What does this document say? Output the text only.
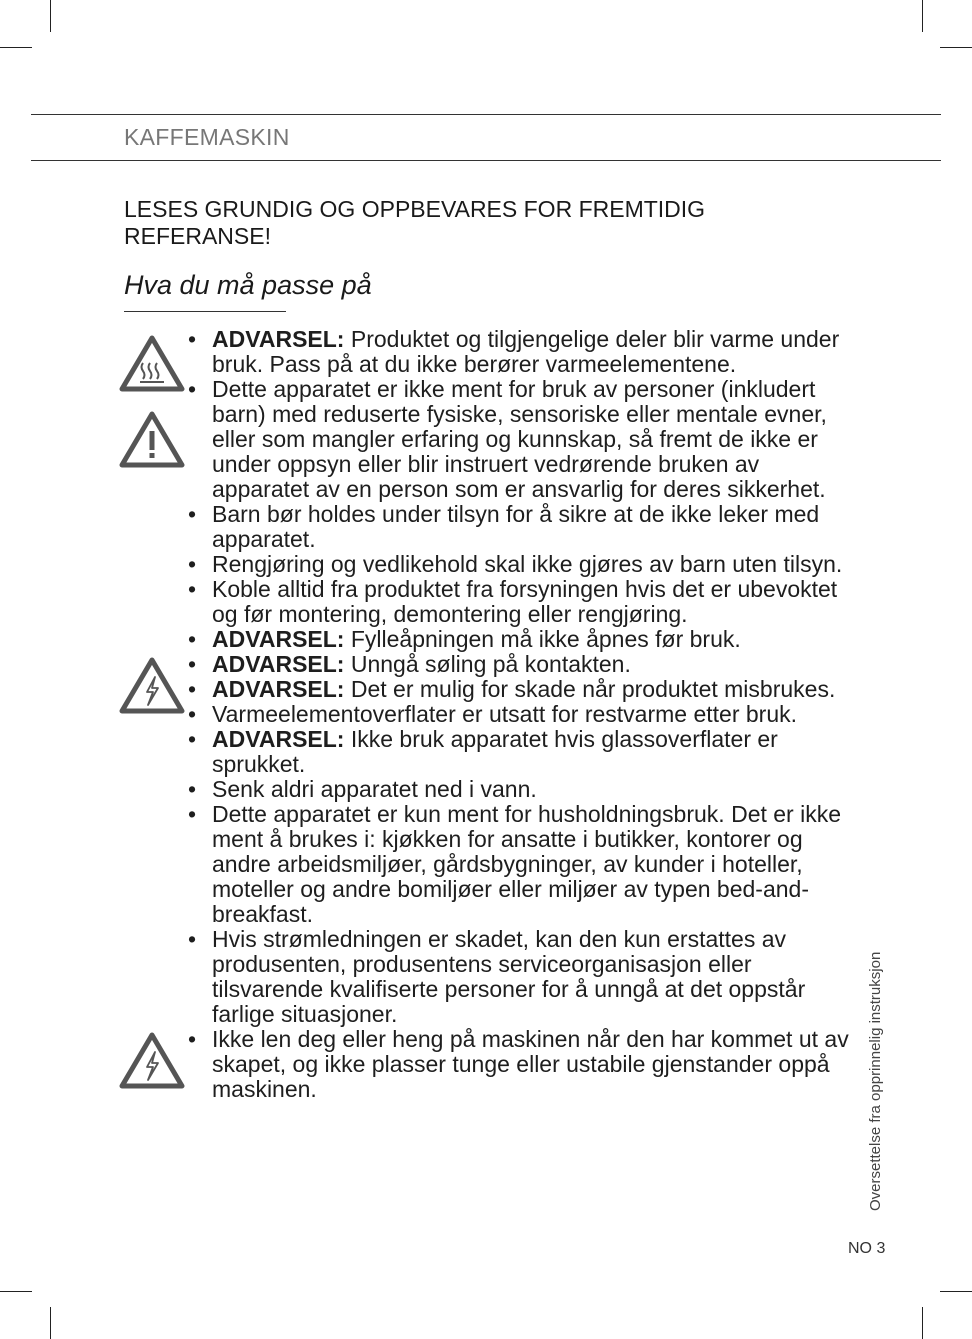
KAFFEMASKIN
LESES GRUNDIG OG OPPBEVARES FOR FREMTIDIG REFERANSE!
Hva du må passe på
• ADVARSEL: Produktet og tilgjengelige deler blir varme under bruk. Pass på at du ikke berører varmeelementene.
• Dette apparatet er ikke ment for bruk av personer (inkludert barn) med reduserte fysiske, sensoriske eller mentale evner, eller som mangler erfaring og kunnskap, så fremt de ikke er under oppsyn eller blir instruert vedrørende bruken av apparatet av en person som er ansvarlig for deres sikkerhet.
• Barn bør holdes under tilsyn for å sikre at de ikke leker med apparatet.
• Rengjøring og vedlikehold skal ikke gjøres av barn uten tilsyn.
• Koble alltid fra produktet fra forsyningen hvis det er ubevoktet og før montering, demontering eller rengjøring.
• ADVARSEL: Fylleåpningen må ikke åpnes før bruk.
• ADVARSEL: Unngå søling på kontakten.
• ADVARSEL: Det er mulig for skade når produktet misbrukes.
• Varmeelementoverflater er utsatt for restvarme etter bruk.
• ADVARSEL: Ikke bruk apparatet hvis glassoverflater er sprukket.
• Senk aldri apparatet ned i vann.
• Dette apparatet er kun ment for husholdningsbruk. Det er ikke ment å brukes i: kjøkken for ansatte i butikker, kontorer og andre arbeidsmiljøer, gårdsbygninger, av kunder i hoteller, moteller og andre bomiljøer eller miljøer av typen bed-and-breakfast.
• Hvis strømledningen er skadet, kan den kun erstattes av produsenten, produsentens serviceorganisasjon eller tilsvarende kvalifiserte personer for å unngå at det oppstår farlige situasjoner.
• Ikke len deg eller heng på maskinen når den har kommet ut av skapet, og ikke plasser tunge eller ustabile gjenstander oppå maskinen.	Oversettelse fra opprinnelig instruksjon
NO 3
